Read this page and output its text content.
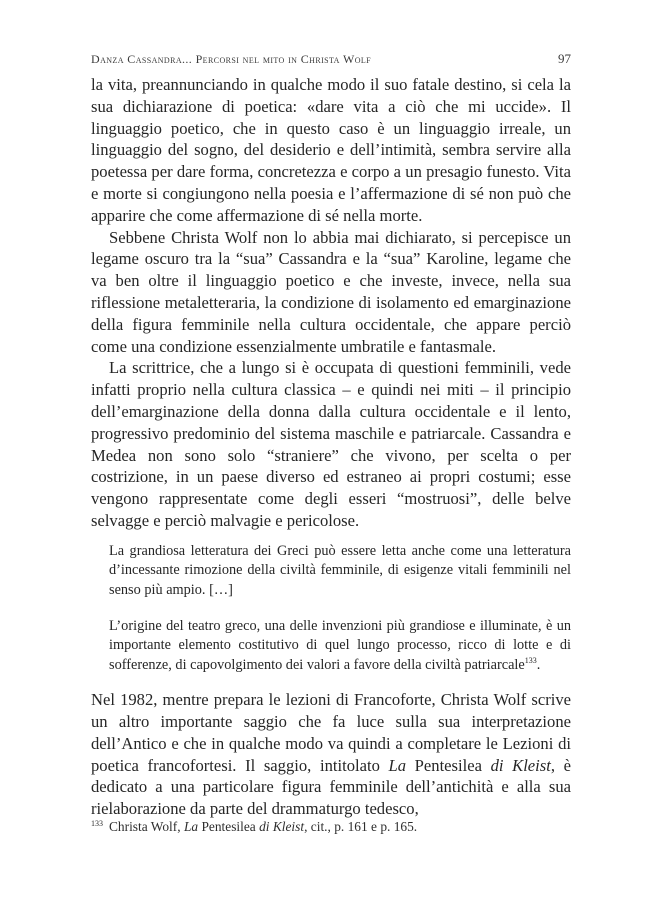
Danza Cassandra... Percorsi nel mito in Christa Wolf	97

la vita, preannunciando in qualche modo il suo fatale destino, si cela la sua dichiarazione di poetica: «dare vita a ciò che mi uccide». Il linguaggio poetico, che in questo caso è un linguaggio irreale, un linguaggio del sogno, del desiderio e dell’intimità, sembra servire alla poetessa per dare forma, concretezza e corpo a un presagio funesto. Vita e morte si congiungono nella poesia e l’affermazione di sé non può che apparire che come affermazione di sé nella morte.

Sebbene Christa Wolf non lo abbia mai dichiarato, si percepisce un legame oscuro tra la “sua” Cassandra e la “sua” Karoline, legame che va ben oltre il linguaggio poetico e che investe, invece, nella sua riflessione metaletteraria, la condizione di isolamento ed emarginazione della figura femminile nella cultura occidentale, che appare perciò come una condizione essenzialmente umbratile e fantasmale.

La scrittrice, che a lungo si è occupata di questioni femminili, vede infatti proprio nella cultura classica – e quindi nei miti – il principio dell’emarginazione della donna dalla cultura occidentale e il lento, progressivo predominio del sistema maschile e patriarcale. Cassandra e Medea non sono solo “straniere” che vivono, per scelta o per costrizione, in un paese diverso ed estraneo ai propri costumi; esse vengono rappresentate come degli esseri “mostruosi”, delle belve selvagge e perciò malvagie e pericolose.

La grandiosa letteratura dei Greci può essere letta anche come una letteratura d’incessante rimozione della civiltà femminile, di esigenze vitali femminili nel senso più ampio. […]

L’origine del teatro greco, una delle invenzioni più grandiose e illuminate, è un importante elemento costitutivo di quel lungo processo, ricco di lotte e di sofferenze, di capovolgimento dei valori a favore della civiltà patriarcale$^{133}$.

Nel 1982, mentre prepara le lezioni di Francoforte, Christa Wolf scrive un altro importante saggio che fa luce sulla sua interpretazione dell’Antico e che in qualche modo va quindi a completare le Lezioni di poetica francofortesi. Il saggio, intitolato La Pentesilea di Kleist, è dedicato a una particolare figura femminile dell’antichità e alla sua rielaborazione da parte del drammaturgo tedesco,

$^{133}$ Christa Wolf, La Pentesilea di Kleist, cit., p. 161 e p. 165.
